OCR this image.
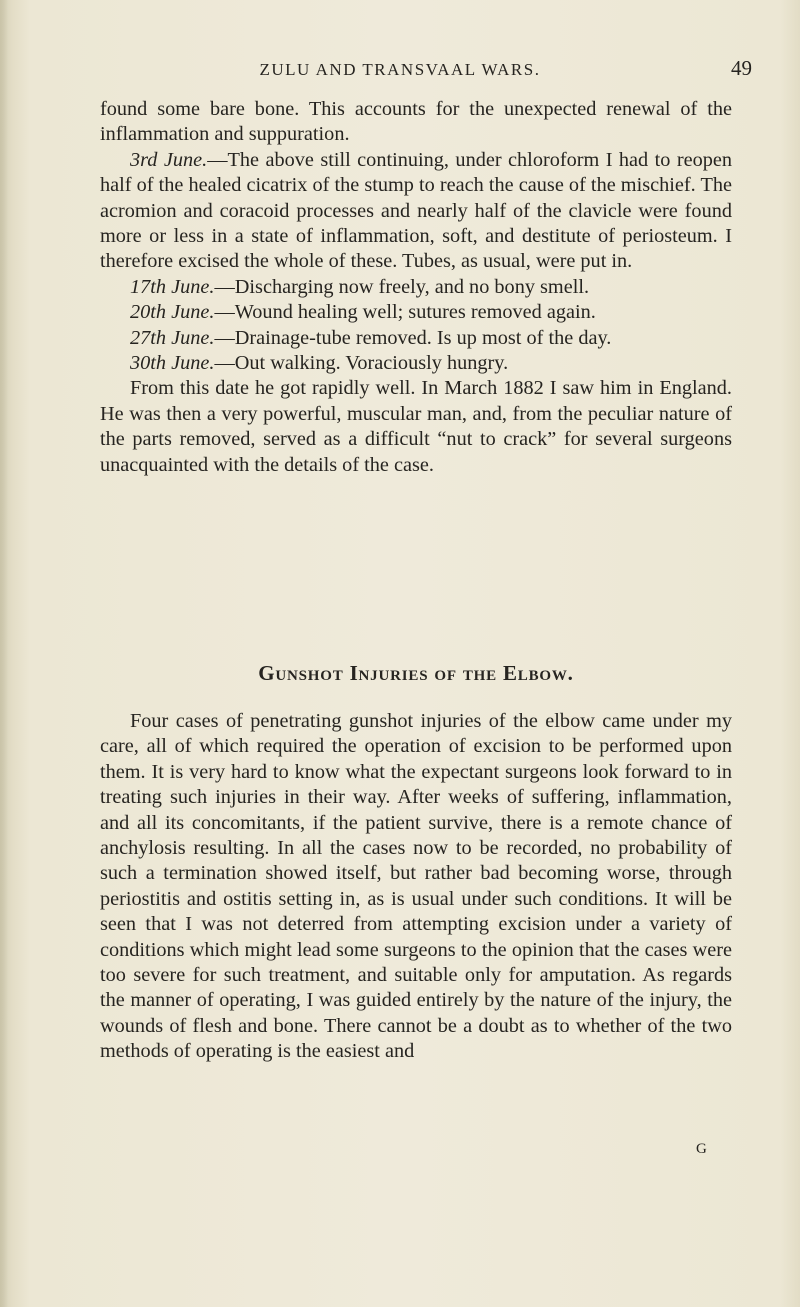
ZULU AND TRANSVAAL WARS.	49

found some bare bone. This accounts for the unexpected renewal of the inflammation and suppuration.

3rd June.—The above still continuing, under chloroform I had to reopen half of the healed cicatrix of the stump to reach the cause of the mischief. The acromion and coracoid processes and nearly half of the clavicle were found more or less in a state of inflammation, soft, and destitute of periosteum. I therefore excised the whole of these. Tubes, as usual, were put in.

17th June.—Discharging now freely, and no bony smell.

20th June.—Wound healing well; sutures removed again.

27th June.—Drainage-tube removed. Is up most of the day.

30th June.—Out walking. Voraciously hungry.

From this date he got rapidly well. In March 1882 I saw him in England. He was then a very powerful, muscular man, and, from the peculiar nature of the parts removed, served as a difficult “nut to crack” for several surgeons unacquainted with the details of the case.

Gunshot Injuries of the Elbow.

Four cases of penetrating gunshot injuries of the elbow came under my care, all of which required the operation of excision to be performed upon them. It is very hard to know what the expectant surgeons look forward to in treating such injuries in their way. After weeks of suffering, inflammation, and all its concomitants, if the patient survive, there is a remote chance of anchylosis resulting. In all the cases now to be recorded, no probability of such a termination showed itself, but rather bad becoming worse, through periostitis and ostitis setting in, as is usual under such conditions. It will be seen that I was not deterred from attempting excision under a variety of conditions which might lead some surgeons to the opinion that the cases were too severe for such treatment, and suitable only for amputation. As regards the manner of operating, I was guided entirely by the nature of the injury, the wounds of flesh and bone. There cannot be a doubt as to whether of the two methods of operating is the easiest and

G
